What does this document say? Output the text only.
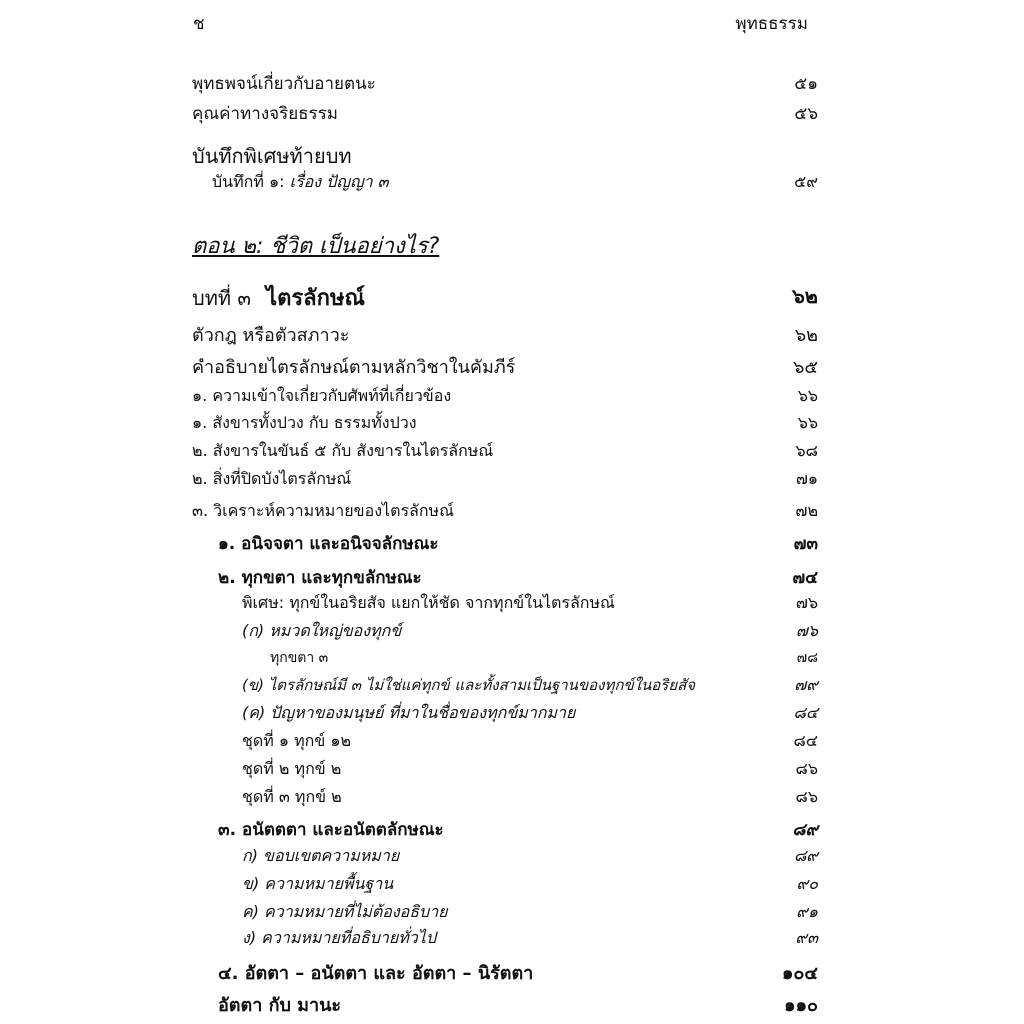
ช	พุทธธรรม
พุทธพจน์เกี่ยวกับอายตนะ	๕๑
คุณค่าทางจริยธรรม	๕๖
บันทึกพิเศษท้ายบท
บันทึกที่ ๑: เรื่อง ปัญญา ๓	๕๙
ตอน ๒: ชีวิต เป็นอย่างไร?
บทที่ ๓ ไตรลักษณ์	๖๒
ตัวกฎ หรือตัวสภาวะ	๖๒
คำอธิบายไตรลักษณ์ตามหลักวิชาในคัมภีร์	๖๕
๑. ความเข้าใจเกี่ยวกับศัพท์ที่เกี่ยวข้อง	๖๖
๑. สังขารทั้งปวง กับ ธรรมทั้งปวง	๖๖
๒. สังขารในขันธ์ ๕ กับ สังขารในไตรลักษณ์	๖๘
๒. สิ่งที่ปิดบังไตรลักษณ์	๗๑
๓. วิเคราะห์ความหมายของไตรลักษณ์	๗๒
๑. อนิจจตา และอนิจจลักษณะ	๗๓
๒. ทุกขตา และทุกขลักษณะ	๗๔
พิเศษ: ทุกข์ในอริยสัจ แยกให้ชัด จากทุกข์ในไตรลักษณ์	๗๖
(ก) หมวดใหญ่ของทุกข์	๗๖
ทุกขตา ๓	๗๘
(ข) ไตรลักษณ์มี ๓ ไม่ใช่แค่ทุกข์ และทั้งสามเป็นฐานของทุกข์ในอริยสัจ	๗๙
(ค) ปัญหาของมนุษย์ ที่มาในชื่อของทุกข์มากมาย	๘๔
ชุดที่ ๑ ทุกข์ ๑๒	๘๔
ชุดที่ ๒ ทุกข์ ๒	๘๖
ชุดที่ ๓ ทุกข์ ๒	๘๖
๓. อนัตตตา และอนัตตลักษณะ	๘๙
ก) ขอบเขตความหมาย	๘๙
ข) ความหมายพื้นฐาน	๙๐
ค) ความหมายที่ไม่ต้องอธิบาย	๙๑
ง) ความหมายที่อธิบายทั่วไป	๙๓
๔. อัตตา – อนัตตา และ อัตตา – นิรัตตา	๑๐๔
อัตตา กับ มานะ	๑๑๐
